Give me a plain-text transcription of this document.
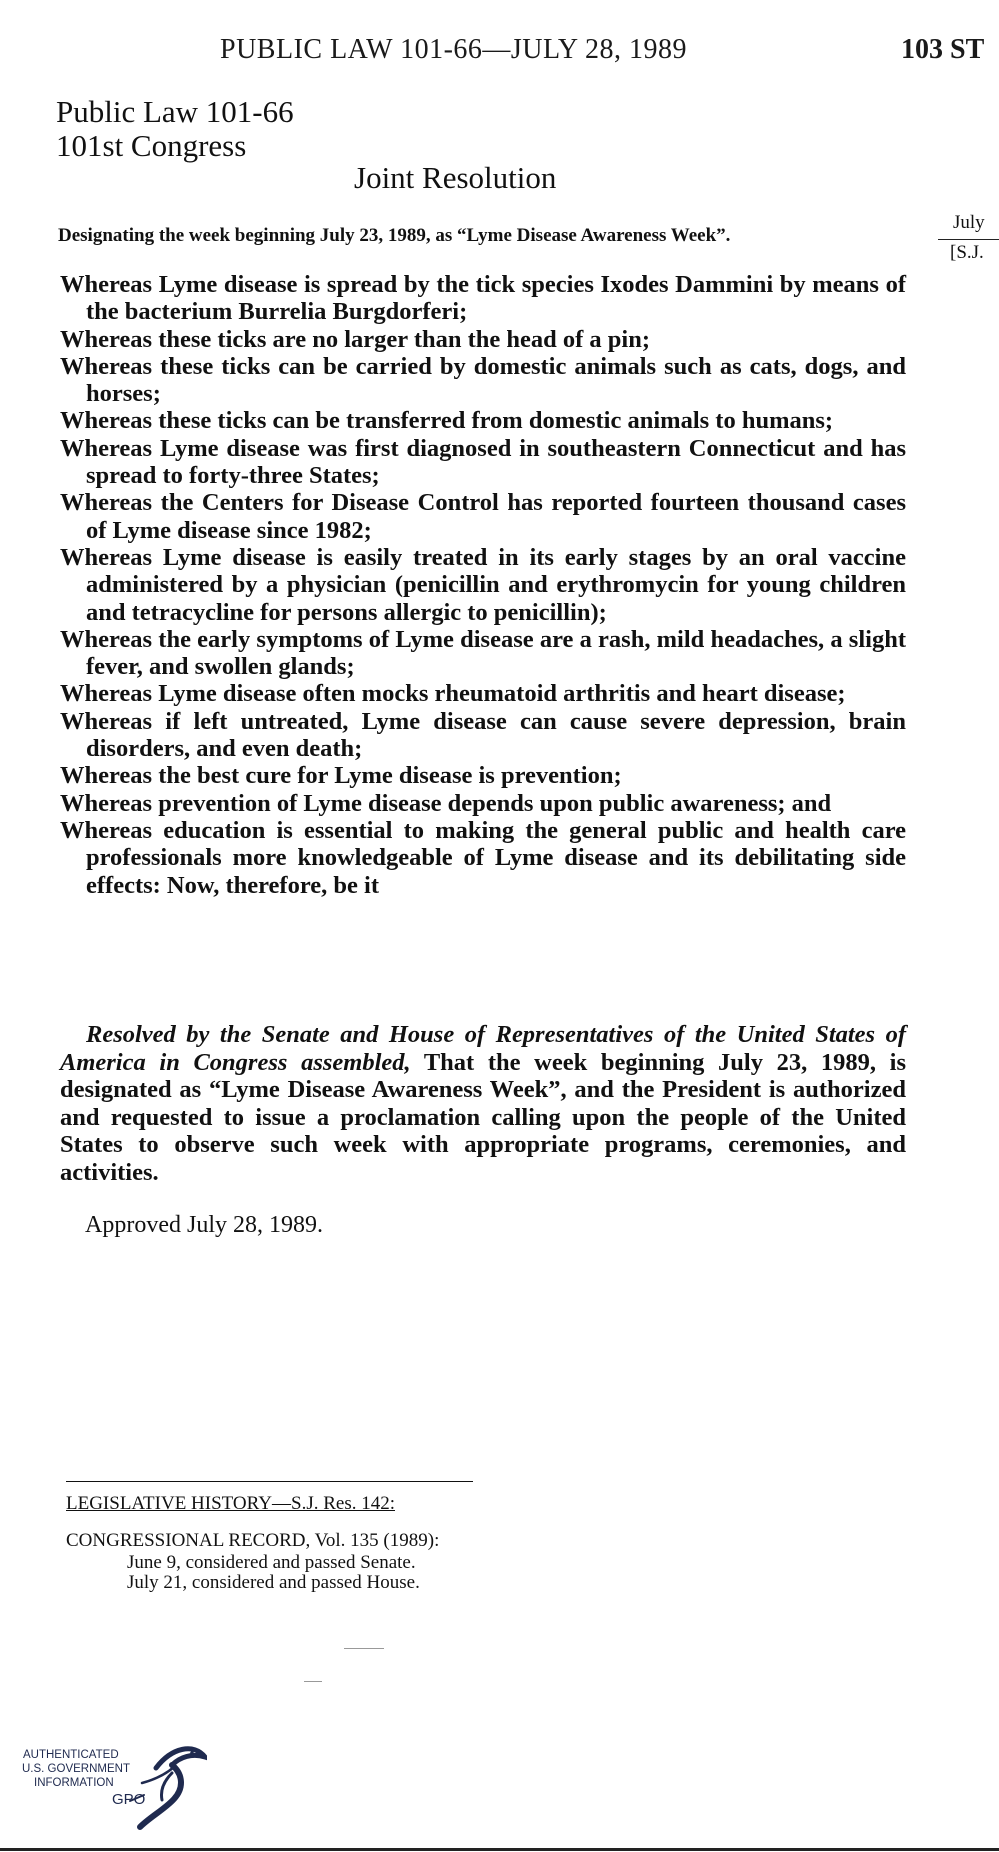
PUBLIC LAW 101-66—JULY 28, 1989	103 ST
Public Law 101-66
101st Congress
Joint Resolution
Designating the week beginning July 23, 1989, as “Lyme Disease Awareness Week”.
July
[S.J.
Whereas Lyme disease is spread by the tick species Ixodes Dammini by means of the bacterium Burrelia Burgdorferi;
Whereas these ticks are no larger than the head of a pin;
Whereas these ticks can be carried by domestic animals such as cats, dogs, and horses;
Whereas these ticks can be transferred from domestic animals to humans;
Whereas Lyme disease was first diagnosed in southeastern Connecticut and has spread to forty-three States;
Whereas the Centers for Disease Control has reported fourteen thousand cases of Lyme disease since 1982;
Whereas Lyme disease is easily treated in its early stages by an oral vaccine administered by a physician (penicillin and erythromycin for young children and tetracycline for persons allergic to penicillin);
Whereas the early symptoms of Lyme disease are a rash, mild headaches, a slight fever, and swollen glands;
Whereas Lyme disease often mocks rheumatoid arthritis and heart disease;
Whereas if left untreated, Lyme disease can cause severe depression, brain disorders, and even death;
Whereas the best cure for Lyme disease is prevention;
Whereas prevention of Lyme disease depends upon public awareness; and
Whereas education is essential to making the general public and health care professionals more knowledgeable of Lyme disease and its debilitating side effects: Now, therefore, be it
Resolved by the Senate and House of Representatives of the United States of America in Congress assembled, That the week beginning July 23, 1989, is designated as “Lyme Disease Awareness Week”, and the President is authorized and requested to issue a proclamation calling upon the people of the United States to observe such week with appropriate programs, ceremonies, and activities.
Approved July 28, 1989.
LEGISLATIVE HISTORY—S.J. Res. 142:
CONGRESSIONAL RECORD, Vol. 135 (1989):
June 9, considered and passed Senate.
July 21, considered and passed House.
AUTHENTICATED
U.S. GOVERNMENT
INFORMATION
GPO
